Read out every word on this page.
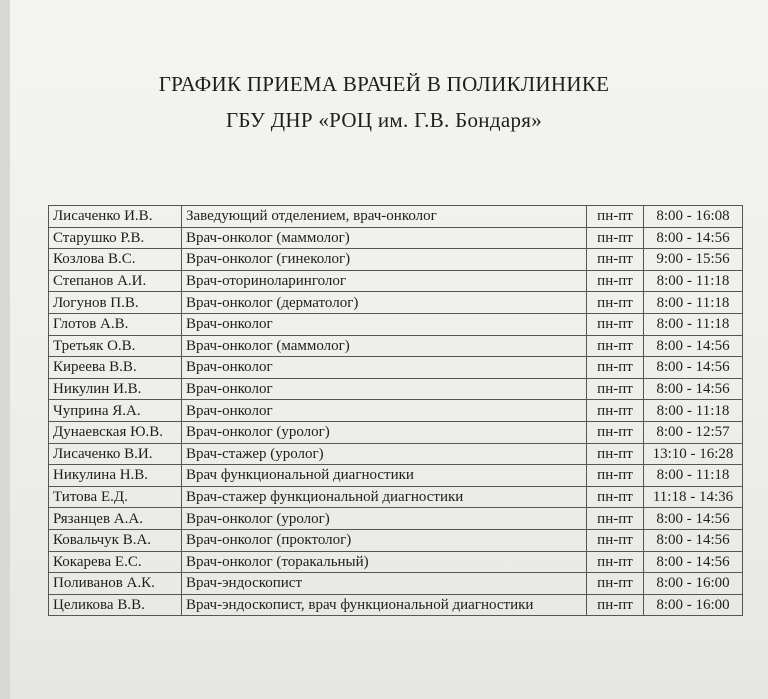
ГРАФИК ПРИЕМА ВРАЧЕЙ В ПОЛИКЛИНИКЕ
ГБУ ДНР «РОЦ им. Г.В. Бондаря»
Лисаченко И.В.	Заведующий отделением, врач-онколог	пн-пт	8:00 - 16:08
Старушко Р.В.	Врач-онколог (маммолог)	пн-пт	8:00 - 14:56
Козлова В.С.	Врач-онколог (гинеколог)	пн-пт	9:00 - 15:56
Степанов А.И.	Врач-оториноларинголог	пн-пт	8:00 - 11:18
Логунов П.В.	Врач-онколог (дерматолог)	пн-пт	8:00 - 11:18
Глотов А.В.	Врач-онколог	пн-пт	8:00 - 11:18
Третьяк О.В.	Врач-онколог (маммолог)	пн-пт	8:00 - 14:56
Киреева В.В.	Врач-онколог	пн-пт	8:00 - 14:56
Никулин И.В.	Врач-онколог	пн-пт	8:00 - 14:56
Чуприна Я.А.	Врач-онколог	пн-пт	8:00 - 11:18
Дунаевская Ю.В.	Врач-онколог (уролог)	пн-пт	8:00 - 12:57
Лисаченко В.И.	Врач-стажер (уролог)	пн-пт	13:10 - 16:28
Никулина Н.В.	Врач функциональной диагностики	пн-пт	8:00 - 11:18
Титова Е.Д.	Врач-стажер функциональной диагностики	пн-пт	11:18 - 14:36
Рязанцев А.А.	Врач-онколог (уролог)	пн-пт	8:00 - 14:56
Ковальчук В.А.	Врач-онколог (проктолог)	пн-пт	8:00 - 14:56
Кокарева Е.С.	Врач-онколог (торакальный)	пн-пт	8:00 - 14:56
Поливанов А.К.	Врач-эндоскопист	пн-пт	8:00 - 16:00
Целикова В.В.	Врач-эндоскопист, врач функциональной диагностики	пн-пт	8:00 - 16:00
